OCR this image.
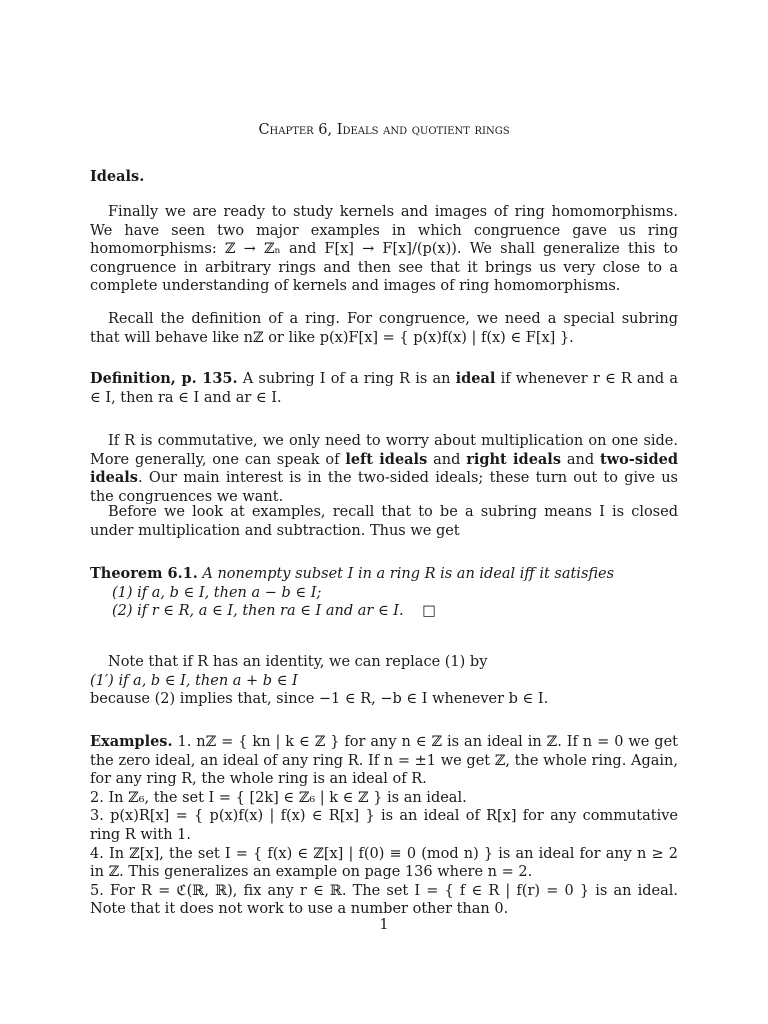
Chapter 6, Ideals and quotient rings
Ideals.
Finally we are ready to study kernels and images of ring homomorphisms. We have seen two major examples in which congruence gave us ring homomorphisms: ℤ → ℤₙ and F[x] → F[x]/(p(x)). We shall generalize this to congruence in arbitrary rings and then see that it brings us very close to a complete understanding of kernels and images of ring homomorphisms.
Recall the definition of a ring. For congruence, we need a special subring that will behave like nℤ or like p(x)F[x] = { p(x)f(x) | f(x) ∈ F[x] }.
Definition, p. 135. A subring I of a ring R is an ideal if whenever r ∈ R and a ∈ I, then ra ∈ I and ar ∈ I.
If R is commutative, we only need to worry about multiplication on one side. More generally, one can speak of left ideals and right ideals and two-sided ideals. Our main interest is in the two-sided ideals; these turn out to give us the congruences we want.
Before we look at examples, recall that to be a subring means I is closed under multiplication and subtraction. Thus we get
Theorem 6.1. A nonempty subset I in a ring R is an ideal iff it satisfies
(1) if a, b ∈ I, then a − b ∈ I;
(2) if r ∈ R, a ∈ I, then ra ∈ I and ar ∈ I. □
Note that if R has an identity, we can replace (1) by
(1′) if a, b ∈ I, then a + b ∈ I
because (2) implies that, since −1 ∈ R, −b ∈ I whenever b ∈ I.
Examples. 1. nℤ = { kn | k ∈ ℤ } for any n ∈ ℤ is an ideal in ℤ. If n = 0 we get the zero ideal, an ideal of any ring R. If n = ±1 we get ℤ, the whole ring. Again, for any ring R, the whole ring is an ideal of R.
2. In ℤ₆, the set I = { [2k] ∈ ℤ₆ | k ∈ ℤ } is an ideal.
3. p(x)R[x] = { p(x)f(x) | f(x) ∈ R[x] } is an ideal of R[x] for any commutative ring R with 1.
4. In ℤ[x], the set I = { f(x) ∈ ℤ[x] | f(0) ≡ 0 (mod n) } is an ideal for any n ≥ 2 in ℤ. This generalizes an example on page 136 where n = 2.
5. For R = ℭ(ℝ, ℝ), fix any r ∈ ℝ. The set I = { f ∈ R | f(r) = 0 } is an ideal. Note that it does not work to use a number other than 0.
1
